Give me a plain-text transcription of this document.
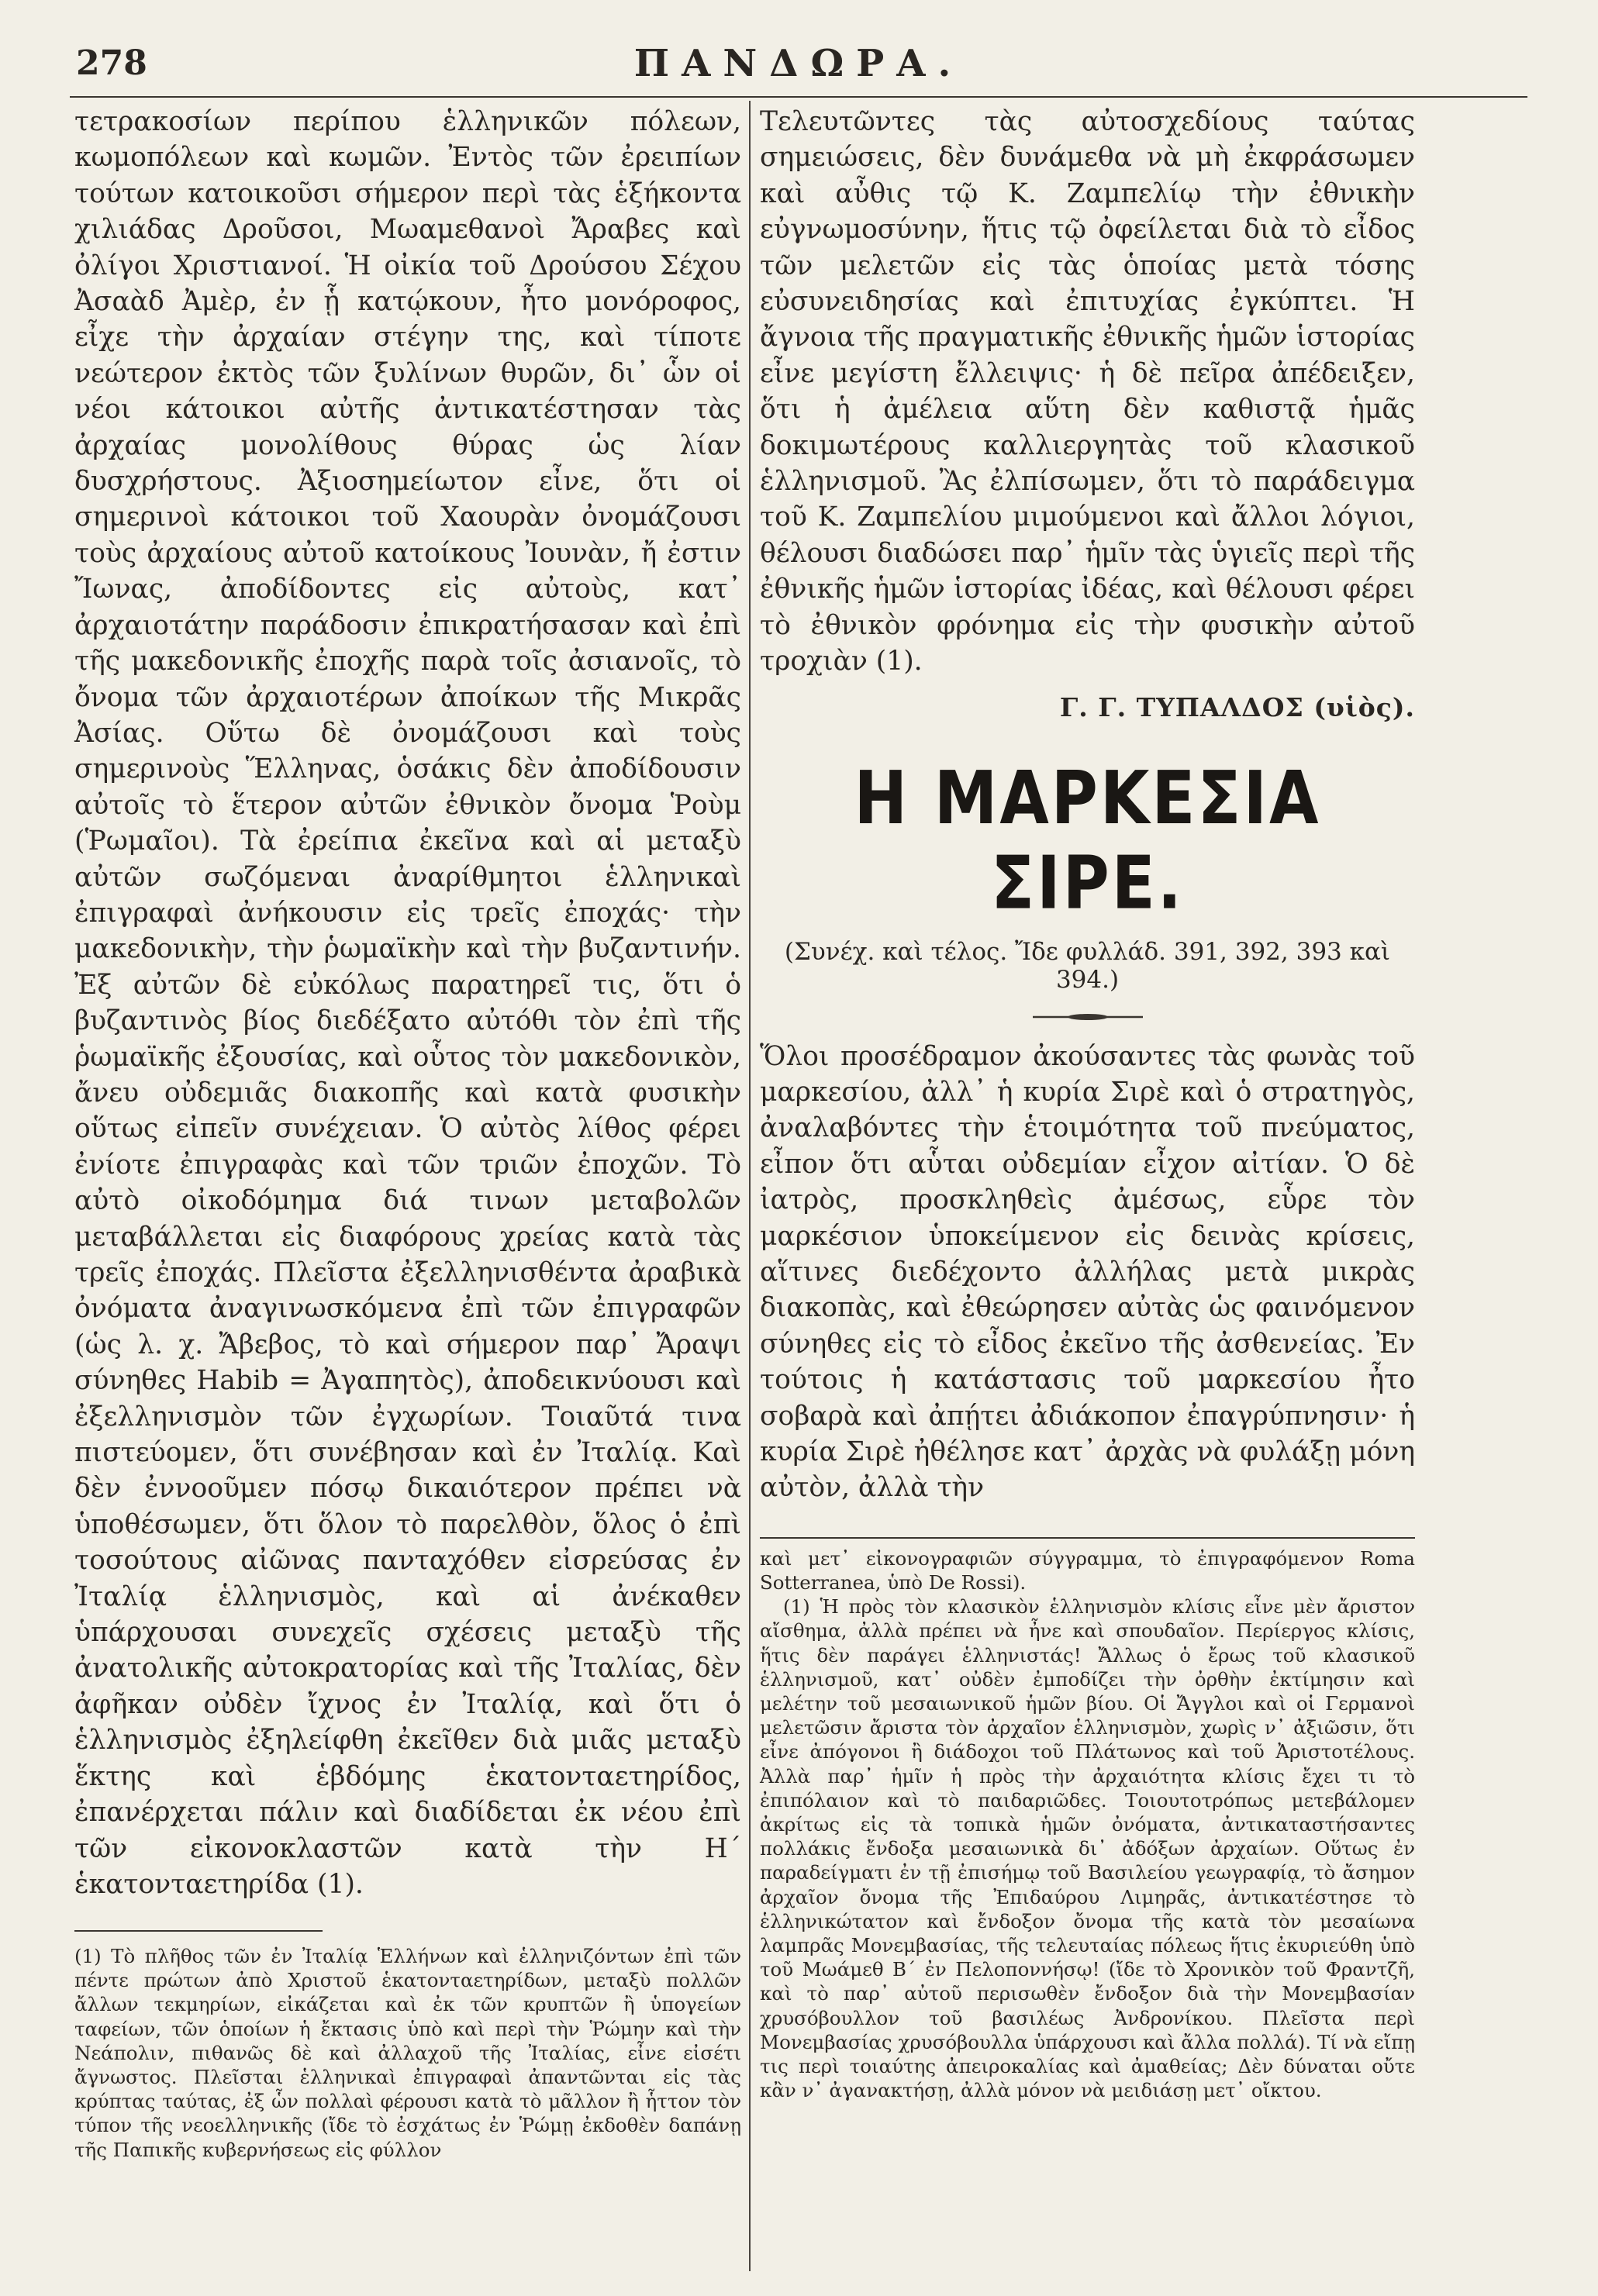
278	ΠΑΝΔΩΡΑ.

τετρακοσίων περίπου ἑλληνικῶν πόλεων, κωμοπόλεων καὶ κωμῶν. Ἐντὸς τῶν ἐρειπίων τούτων κατοικοῦσι σήμερον περὶ τὰς ἑξήκοντα χιλιάδας Δροῦσοι, Μωαμεθανοὶ Ἄραβες καὶ ὀλίγοι Χριστιανοί. Ἡ οἰκία τοῦ Δρούσου Σέχου Ἀσαὰδ Ἀμὲρ, ἐν ᾗ κατῴκουν, ἦτο μονόροφος, εἶχε τὴν ἀρχαίαν στέγην της, καὶ τίποτε νεώτερον ἐκτὸς τῶν ξυλίνων θυρῶν, δι᾽ ὧν οἱ νέοι κάτοικοι αὐτῆς ἀντικατέστησαν τὰς ἀρχαίας μονολίθους θύρας ὡς λίαν δυσχρήστους. Ἀξιοσημείωτον εἶνε, ὅτι οἱ σημερινοὶ κάτοικοι τοῦ Χαουρὰν ὀνομάζουσι τοὺς ἀρχαίους αὐτοῦ κατοίκους Ἰουνὰν, ἤ ἐστιν Ἴωνας, ἀποδίδοντες εἰς αὐτοὺς, κατ᾽ ἀρχαιοτάτην παράδοσιν ἐπικρατήσασαν καὶ ἐπὶ τῆς μακεδονικῆς ἐποχῆς παρὰ τοῖς ἀσιανοῖς, τὸ ὄνομα τῶν ἀρχαιοτέρων ἀποίκων τῆς Μικρᾶς Ἀσίας. Οὕτω δὲ ὀνομάζουσι καὶ τοὺς σημερινοὺς Ἕλληνας, ὁσάκις δὲν ἀποδίδουσιν αὐτοῖς τὸ ἕτερον αὐτῶν ἐθνικὸν ὄνομα Ῥοὺμ (Ῥωμαῖοι). Τὰ ἐρείπια ἐκεῖνα καὶ αἱ μεταξὺ αὐτῶν σωζόμεναι ἀναρίθμητοι ἑλληνικαὶ ἐπιγραφαὶ ἀνήκουσιν εἰς τρεῖς ἐποχάς· τὴν μακεδονικὴν, τὴν ῥωμαϊκὴν καὶ τὴν βυζαντινήν. Ἐξ αὐτῶν δὲ εὐκόλως παρατηρεῖ τις, ὅτι ὁ βυζαντινὸς βίος διεδέξατο αὐτόθι τὸν ἐπὶ τῆς ῥωμαϊκῆς ἐξουσίας, καὶ οὗτος τὸν μακεδονικὸν, ἄνευ οὐδεμιᾶς διακοπῆς καὶ κατὰ φυσικὴν οὕτως εἰπεῖν συνέχειαν. Ὁ αὐτὸς λίθος φέρει ἐνίοτε ἐπιγραφὰς καὶ τῶν τριῶν ἐποχῶν. Τὸ αὐτὸ οἰκοδόμημα διά τινων μεταβολῶν μεταβάλλεται εἰς διαφόρους χρείας κατὰ τὰς τρεῖς ἐποχάς. Πλεῖστα ἐξελληνισθέντα ἀραβικὰ ὀνόματα ἀναγινωσκόμενα ἐπὶ τῶν ἐπιγραφῶν (ὡς λ. χ. Ἄβεβος, τὸ καὶ σήμερον παρ᾽ Ἄραψι σύνηθες Habib = Ἀγαπητὸς), ἀποδεικνύουσι καὶ ἐξελληνισμὸν τῶν ἐγχωρίων. Τοιαῦτά τινα πιστεύομεν, ὅτι συνέβησαν καὶ ἐν Ἰταλίᾳ. Καὶ δὲν ἐννοοῦμεν πόσῳ δικαιότερον πρέπει νὰ ὑποθέσωμεν, ὅτι ὅλον τὸ παρελθὸν, ὅλος ὁ ἐπὶ τοσούτους αἰῶνας πανταχόθεν εἰσρεύσας ἐν Ἰταλίᾳ ἑλληνισμὸς, καὶ αἱ ἀνέκαθεν ὑπάρχουσαι συνεχεῖς σχέσεις μεταξὺ τῆς ἀνατολικῆς αὐτοκρατορίας καὶ τῆς Ἰταλίας, δὲν ἀφῆκαν οὐδὲν ἴχνος ἐν Ἰταλίᾳ, καὶ ὅτι ὁ ἑλληνισμὸς ἐξηλείφθη ἐκεῖθεν διὰ μιᾶς μεταξὺ ἕκτης καὶ ἑβδόμης ἑκατονταετηρίδος, ἐπανέρχεται πάλιν καὶ διαδίδεται ἐκ νέου ἐπὶ τῶν εἰκονοκλαστῶν κατὰ τὴν Η΄ ἑκατονταετηρίδα (1).

(1) Τὸ πλῆθος τῶν ἐν Ἰταλίᾳ Ἑλλήνων καὶ ἑλληνιζόντων ἐπὶ τῶν πέντε πρώτων ἀπὸ Χριστοῦ ἑκατονταετηρίδων, μεταξὺ πολλῶν ἄλλων τεκμηρίων, εἰκάζεται καὶ ἐκ τῶν κρυπτῶν ἢ ὑπογείων ταφείων, τῶν ὁποίων ἡ ἔκτασις ὑπὸ καὶ περὶ τὴν Ῥώμην καὶ τὴν Νεάπολιν, πιθανῶς δὲ καὶ ἀλλαχοῦ τῆς Ἰταλίας, εἶνε εἰσέτι ἄγνωστος. Πλεῖσται ἑλληνικαὶ ἐπιγραφαὶ ἀπαντῶνται εἰς τὰς κρύπτας ταύτας, ἐξ ὧν πολλαὶ φέρουσι κατὰ τὸ μᾶλλον ἢ ἧττον τὸν τύπον τῆς νεοελληνικῆς (ἴδε τὸ ἐσχάτως ἐν Ῥώμῃ ἐκδοθὲν δαπάνῃ τῆς Παπικῆς κυβερνήσεως εἰς φύλλον

Τελευτῶντες τὰς αὐτοσχεδίους ταύτας σημειώσεις, δὲν δυνάμεθα νὰ μὴ ἐκφράσωμεν καὶ αὖθις τῷ Κ. Ζαμπελίῳ τὴν ἐθνικὴν εὐγνωμοσύνην, ἥτις τῷ ὀφείλεται διὰ τὸ εἶδος τῶν μελετῶν εἰς τὰς ὁποίας μετὰ τόσης εὐσυνειδησίας καὶ ἐπιτυχίας ἐγκύπτει. Ἡ ἄγνοια τῆς πραγματικῆς ἐθνικῆς ἡμῶν ἱστορίας εἶνε μεγίστη ἔλλειψις· ἡ δὲ πεῖρα ἀπέδειξεν, ὅτι ἡ ἀμέλεια αὕτη δὲν καθιστᾷ ἡμᾶς δοκιμωτέρους καλλιεργητὰς τοῦ κλασικοῦ ἑλληνισμοῦ. Ἂς ἐλπίσωμεν, ὅτι τὸ παράδειγμα τοῦ Κ. Ζαμπελίου μιμούμενοι καὶ ἄλλοι λόγιοι, θέλουσι διαδώσει παρ᾽ ἡμῖν τὰς ὑγιεῖς περὶ τῆς ἐθνικῆς ἡμῶν ἱστορίας ἰδέας, καὶ θέλουσι φέρει τὸ ἐθνικὸν φρόνημα εἰς τὴν φυσικὴν αὐτοῦ τροχιὰν (1).

Γ. Γ. ΤΥΠΑΛΔΟΣ (υἱὸς).
Η ΜΑΡΚΕΣΙΑ ΣΙΡΕ.
(Συνέχ. καὶ τέλος. Ἴδε φυλλάδ. 391, 392, 393 καὶ 394.)

Ὅλοι προσέδραμον ἀκούσαντες τὰς φωνὰς τοῦ μαρκεσίου, ἀλλ᾽ ἡ κυρία Σιρὲ καὶ ὁ στρατηγὸς, ἀναλαβόντες τὴν ἑτοιμότητα τοῦ πνεύματος, εἶπον ὅτι αὗται οὐδεμίαν εἶχον αἰτίαν. Ὁ δὲ ἰατρὸς, προσκληθεὶς ἀμέσως, εὗρε τὸν μαρκέσιον ὑποκείμενον εἰς δεινὰς κρίσεις, αἵτινες διεδέχοντο ἀλλήλας μετὰ μικρὰς διακοπὰς, καὶ ἐθεώρησεν αὐτὰς ὡς φαινόμενον σύνηθες εἰς τὸ εἶδος ἐκεῖνο τῆς ἀσθενείας. Ἐν τούτοις ἡ κατάστασις τοῦ μαρκεσίου ἦτο σοβαρὰ καὶ ἀπῄτει ἀδιάκοπον ἐπαγρύπνησιν· ἡ κυρία Σιρὲ ἠθέλησε κατ᾽ ἀρχὰς νὰ φυλάξῃ μόνη αὐτὸν, ἀλλὰ τὴν

καὶ μετ᾽ εἰκονογραφιῶν σύγγραμμα, τὸ ἐπιγραφόμενον Roma Sotterranea, ὑπὸ De Rossi).

(1) Ἡ πρὸς τὸν κλασικὸν ἑλληνισμὸν κλίσις εἶνε μὲν ἄριστον αἴσθημα, ἀλλὰ πρέπει νὰ ἦνε καὶ σπουδαῖον. Περίεργος κλίσις, ἥτις δὲν παράγει ἑλληνιστάς! Ἄλλως ὁ ἔρως τοῦ κλασικοῦ ἑλληνισμοῦ, κατ᾽ οὐδὲν ἐμποδίζει τὴν ὀρθὴν ἐκτίμησιν καὶ μελέτην τοῦ μεσαιωνικοῦ ἡμῶν βίου. Οἱ Ἄγγλοι καὶ οἱ Γερμανοὶ μελετῶσιν ἄριστα τὸν ἀρχαῖον ἑλληνισμὸν, χωρὶς ν᾽ ἀξιῶσιν, ὅτι εἶνε ἀπόγονοι ἢ διάδοχοι τοῦ Πλάτωνος καὶ τοῦ Ἀριστοτέλους. Ἀλλὰ παρ᾽ ἡμῖν ἡ πρὸς τὴν ἀρχαιότητα κλίσις ἔχει τι τὸ ἐπιπόλαιον καὶ τὸ παιδαριῶδες. Τοιουτοτρόπως μετεβάλομεν ἀκρίτως εἰς τὰ τοπικὰ ἡμῶν ὀνόματα, ἀντικαταστήσαντες πολλάκις ἔνδοξα μεσαιωνικὰ δι᾽ ἀδόξων ἀρχαίων. Οὕτως ἐν παραδείγματι ἐν τῇ ἐπισήμῳ τοῦ Βασιλείου γεωγραφίᾳ, τὸ ἄσημον ἀρχαῖον ὄνομα τῆς Ἐπιδαύρου Λιμηρᾶς, ἀντικατέστησε τὸ ἑλληνικώτατον καὶ ἔνδοξον ὄνομα τῆς κατὰ τὸν μεσαίωνα λαμπρᾶς Μονεμβασίας, τῆς τελευταίας πόλεως ἥτις ἐκυριεύθη ὑπὸ τοῦ Μωάμεθ Β΄ ἐν Πελοποννήσῳ! (ἴδε τὸ Χρονικὸν τοῦ Φραντζῆ, καὶ τὸ παρ᾽ αὐτοῦ περισωθὲν ἔνδοξον διὰ τὴν Μονεμβασίαν χρυσόβουλλον τοῦ βασιλέως Ἀνδρονίκου. Πλεῖστα περὶ Μονεμβασίας χρυσόβουλλα ὑπάρχουσι καὶ ἄλλα πολλά). Τί νὰ εἴπῃ τις περὶ τοιαύτης ἀπειροκαλίας καὶ ἀμαθείας; Δὲν δύναται οὔτε κἂν ν᾽ ἀγανακτήσῃ, ἀλλὰ μόνον νὰ μειδιάσῃ μετ᾽ οἴκτου.
